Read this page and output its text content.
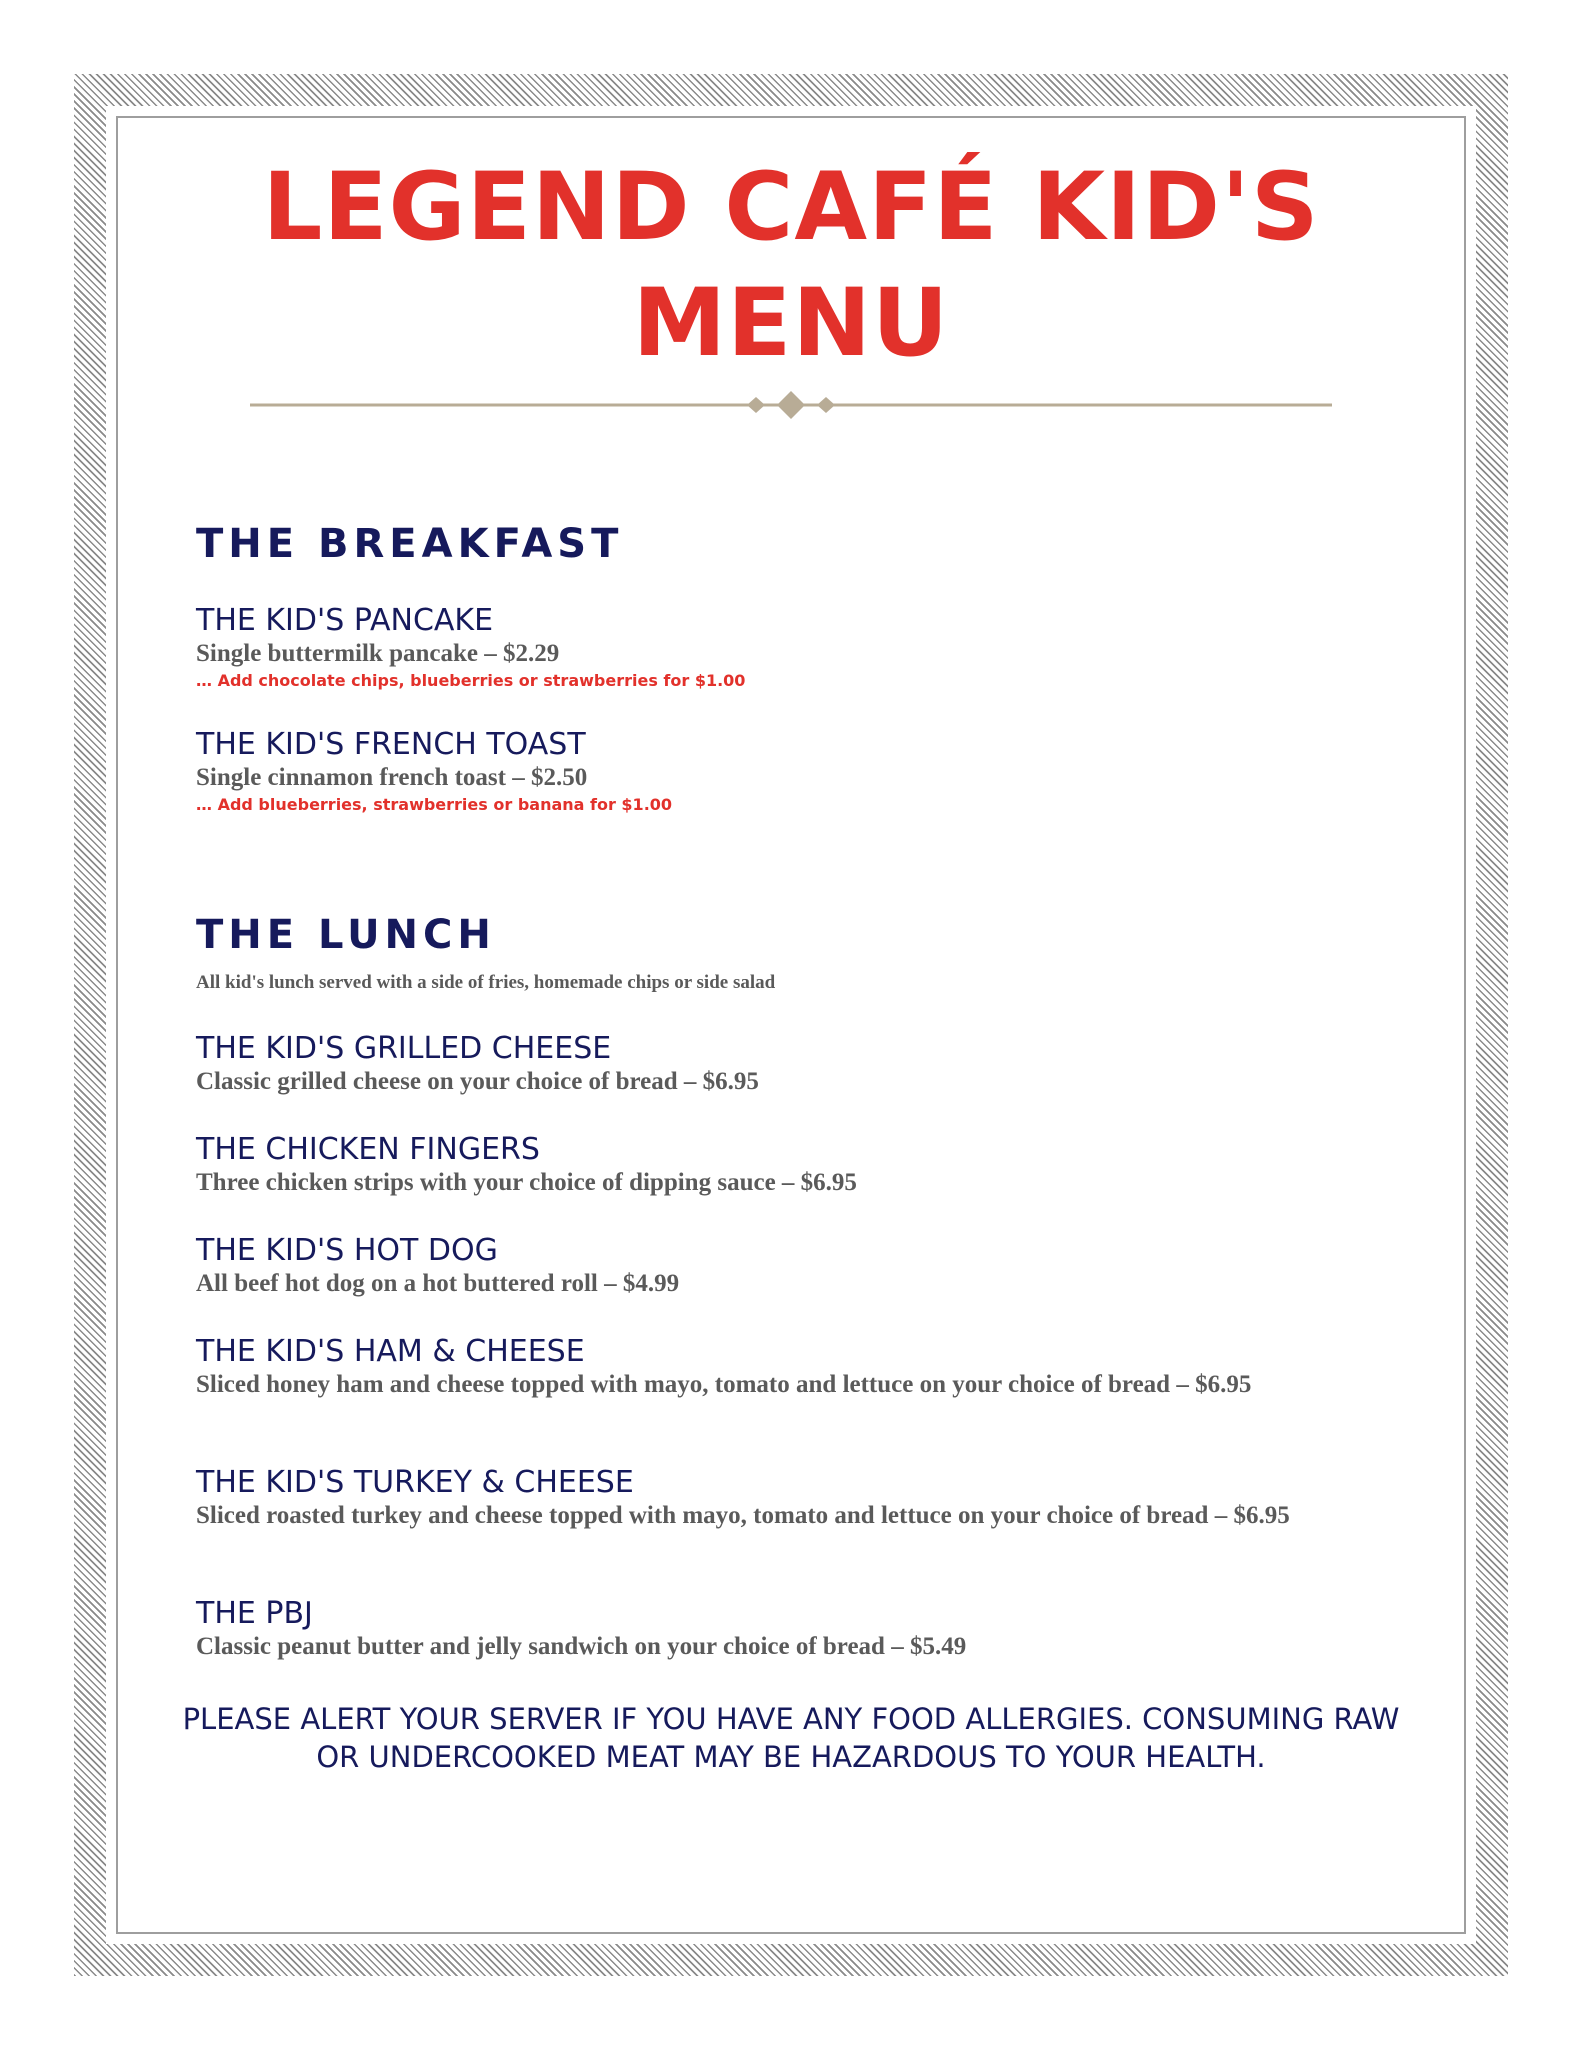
LEGEND CAFÉ KID'S MENU
THE BREAKFAST
THE KID'S PANCAKE
Single buttermilk pancake – $2.29
… Add chocolate chips, blueberries or strawberries for $1.00
THE KID'S FRENCH TOAST
Single cinnamon french toast – $2.50
… Add blueberries, strawberries or banana for $1.00
THE LUNCH
All kid's lunch served with a side of fries, homemade chips or side salad
THE KID'S GRILLED CHEESE
Classic grilled cheese on your choice of bread – $6.95
THE CHICKEN FINGERS
Three chicken strips with your choice of dipping sauce – $6.95
THE KID'S HOT DOG
All beef hot dog on a hot buttered roll – $4.99
THE KID'S HAM & CHEESE
Sliced honey ham and cheese topped with mayo, tomato and lettuce on your choice of bread – $6.95
THE KID'S TURKEY & CHEESE
Sliced roasted turkey and cheese topped with mayo, tomato and lettuce on your choice of bread – $6.95
THE PBJ
Classic peanut butter and jelly sandwich on your choice of bread – $5.49
PLEASE ALERT YOUR SERVER IF YOU HAVE ANY FOOD ALLERGIES. CONSUMING RAW OR UNDERCOOKED MEAT MAY BE HAZARDOUS TO YOUR HEALTH.
